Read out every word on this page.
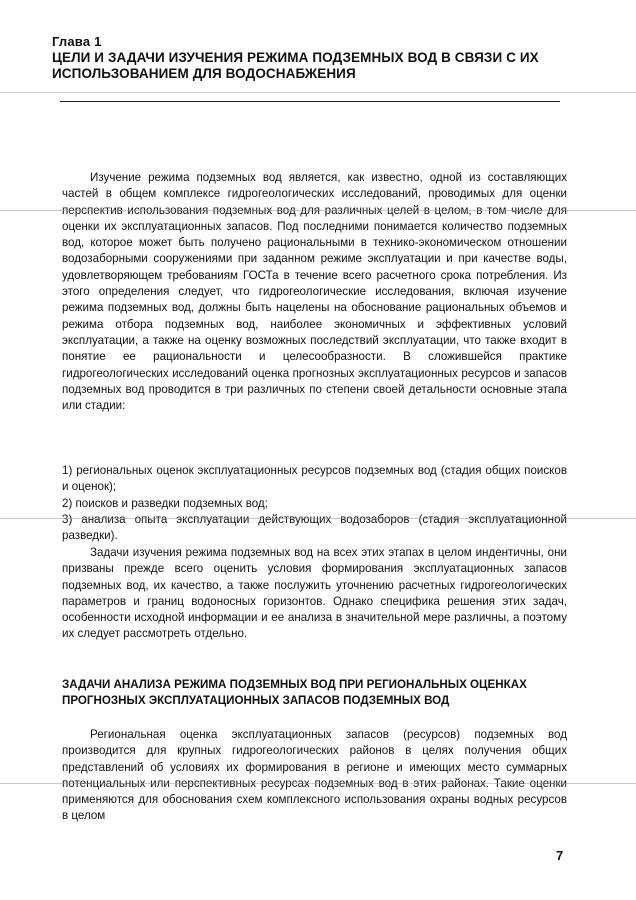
Глава 1
ЦЕЛИ И ЗАДАЧИ ИЗУЧЕНИЯ РЕЖИМА ПОДЗЕМНЫХ ВОД В СВЯЗИ С ИХ ИСПОЛЬЗОВАНИЕМ ДЛЯ ВОДОСНАБЖЕНИЯ

Изучение режима подземных вод является, как известно, одной из составляющих частей в общем комплексе гидрогеологических исследований, проводимых для оценки перспектив использования подземных вод для различных целей в целом, в том числе для оценки их эксплуатационных запасов. Под последними понимается количество подземных вод, которое может быть получено рациональными в технико-экономическом отношении водозаборными сооружениями при заданном режиме эксплуатации и при качестве воды, удовлетворяющем требованиям ГОСТа в течение всего расчетного срока потребления. Из этого определения следует, что гидрогеологические исследования, включая изучение режима подземных вод, должны быть нацелены на обоснование рациональных объемов и режима отбора подземных вод, наиболее экономичных и эффективных условий эксплуатации, а также на оценку возможных последствий эксплуатации, что также входит в понятие ее рациональности и целесообразности. В сложившейся практике гидрогеологических исследований оценка прогнозных эксплуатационных ресурсов и запасов подземных вод проводится в три различных по степени своей детальности основные этапа или стадии:

1) региональных оценок эксплуатационных ресурсов подземных вод (стадия общих поисков и оценок);
2) поисков и разведки подземных вод;
3) анализа опыта эксплуатации действующих водозаборов (стадия эксплуатационной разведки).

Задачи изучения режима подземных вод на всех этих этапах в целом индентичны, они призваны прежде всего оценить условия формирования эксплуатационных запасов подземных вод, их качество, а также послужить уточнению расчетных гидрогеологических параметров и границ водоносных горизонтов. Однако специфика решения этих задач, особенности исходной информации и ее анализа в значительной мере различны, а поэтому их следует рассмотреть отдельно.

ЗАДАЧИ АНАЛИЗА РЕЖИМА ПОДЗЕМНЫХ ВОД ПРИ РЕГИОНАЛЬНЫХ ОЦЕНКАХ ПРОГНОЗНЫХ ЭКСПЛУАТАЦИОННЫХ ЗАПАСОВ ПОДЗЕМНЫХ ВОД

Региональная оценка эксплуатационных запасов (ресурсов) подземных вод производится для крупных гидрогеологических районов в целях получения общих представлений об условиях их формирования в регионе и имеющих место суммарных потенциальных или перспективных ресурсах подземных вод в этих районах. Такие оценки применяются для обоснования схем комплексного использования охраны водных ресурсов в целом

7
